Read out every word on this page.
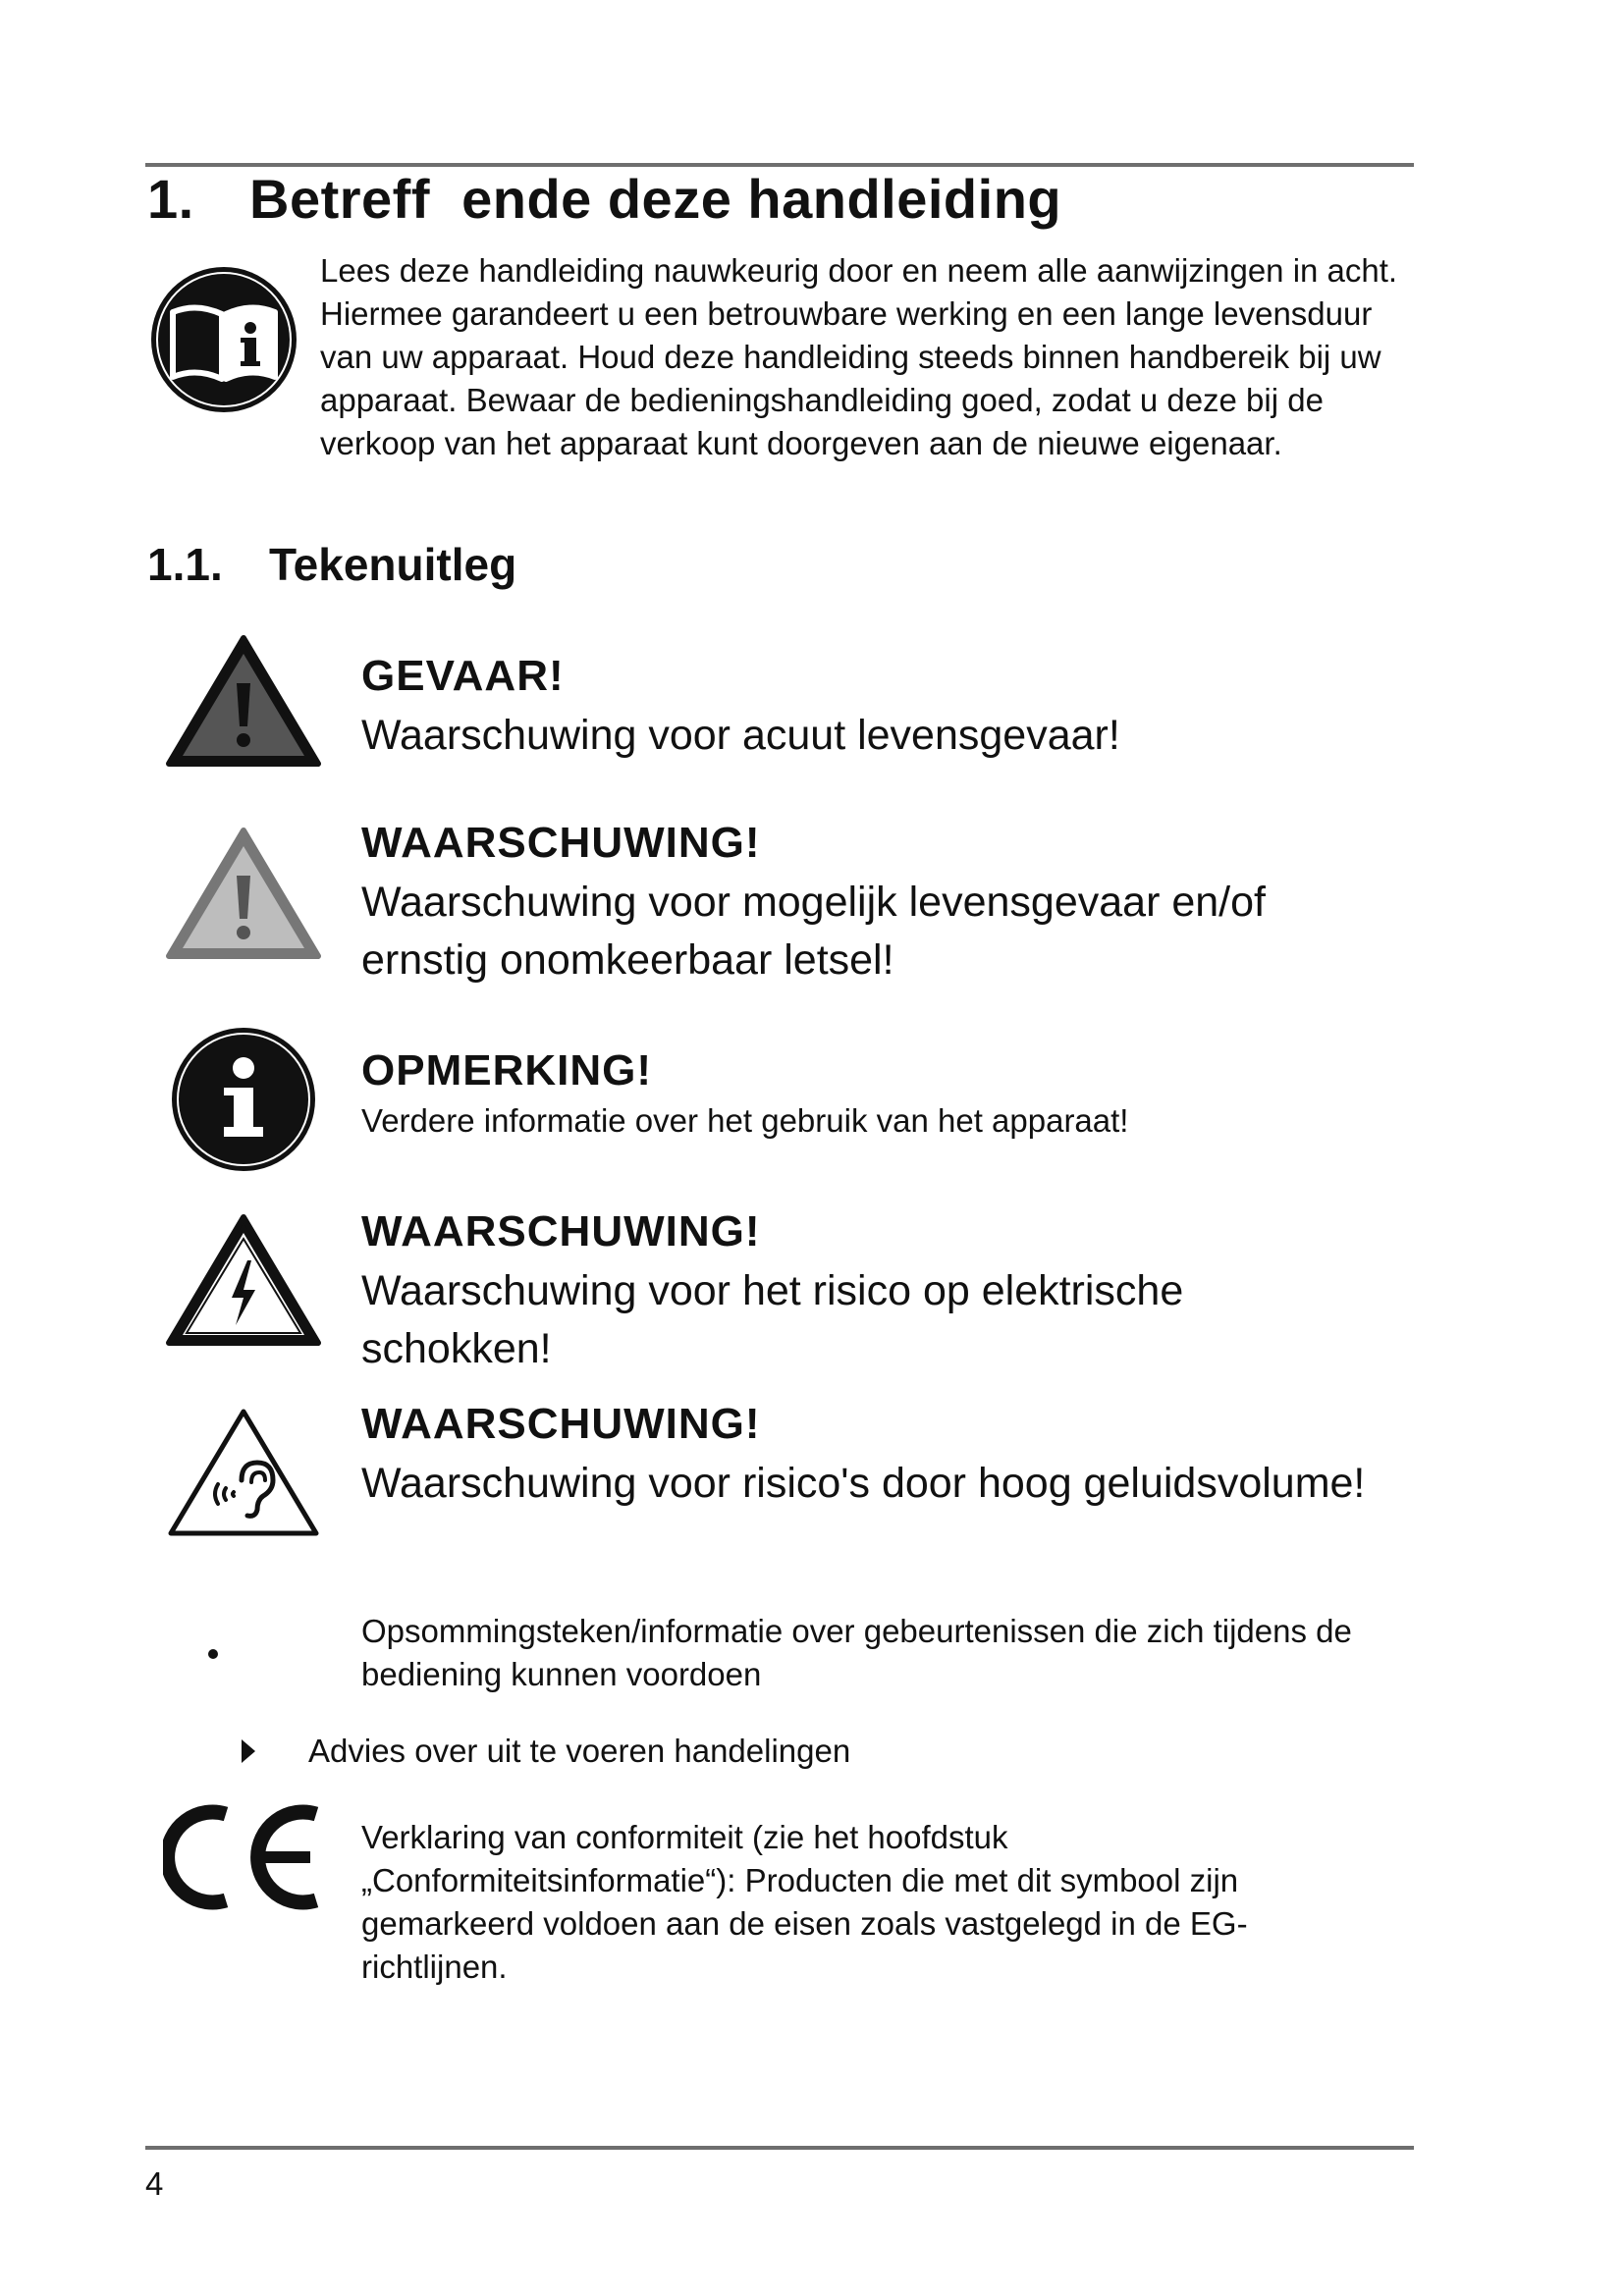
1. Betreff  ende deze handleiding
Lees deze handleiding nauwkeurig door en neem alle aanwijzingen in acht. Hiermee garandeert u een betrouwbare werking en een lange levensduur van uw apparaat. Houd deze handleiding steeds binnen handbereik bij uw apparaat. Bewaar de bedieningshandleiding goed, zodat u deze bij de verkoop van het apparaat kunt doorgeven aan de nieuwe eigenaar.
1.1. Tekenuitleg
GEVAAR!
Waarschuwing voor acuut levensgevaar!
WAARSCHUWING!
Waarschuwing voor mogelijk levensgevaar en/of ernstig onomkeerbaar letsel!
OPMERKING!
Verdere informatie over het gebruik van het apparaat!
WAARSCHUWING!
Waarschuwing voor het risico op elektrische schokken!
WAARSCHUWING!
Waarschuwing voor risico's door hoog geluidsvolume!
Opsommingsteken/informatie over gebeurtenissen die zich tijdens de bediening kunnen voordoen
Advies over uit te voeren handelingen
Verklaring van conformiteit (zie het hoofdstuk „Conformiteitsinformatie“): Producten die met dit symbool zijn gemarkeerd voldoen aan de eisen zoals vastgelegd in de EG-richtlijnen.
4
